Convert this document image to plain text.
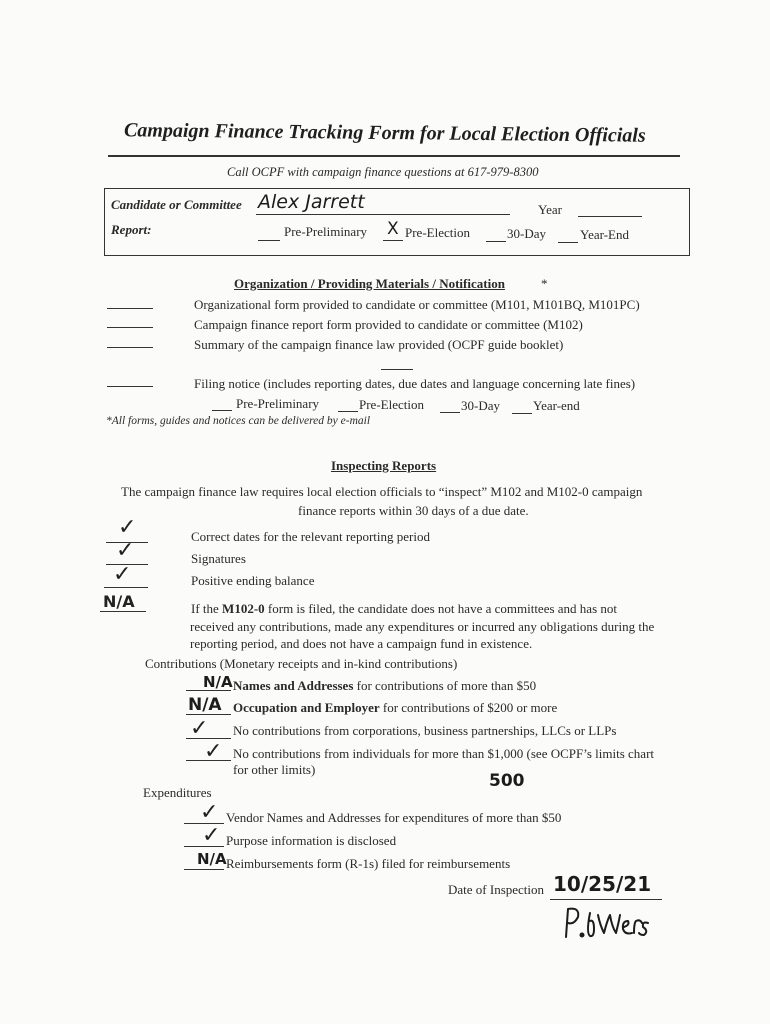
Campaign Finance Tracking Form for Local Election Officials
Call OCPF with campaign finance questions at 617-979-8300
Candidate or Committee Alex Jarrett	Year
Report:	Pre-Preliminary X Pre-Election	30-Day	Year-End
Organization / Providing Materials / Notification	*
Organizational form provided to candidate or committee (M101, M101BQ, M101PC)
Campaign finance report form provided to candidate or committee (M102)
Summary of the campaign finance law provided (OCPF guide booklet)
Filing notice (includes reporting dates, due dates and language concerning late fines)
Pre-Preliminary	Pre-Election	30-Day	Year-end
*All forms, guides and notices can be delivered by e-mail
Inspecting Reports
The campaign finance law requires local election officials to “inspect” M102 and M102-0 campaign
finance reports within 30 days of a due date.
✓	Correct dates for the relevant reporting period
✓	Signatures
✓	Positive ending balance
N/A	If the M102-0 form is filed, the candidate does not have a committees and has not
received any contributions, made any expenditures or incurred any obligations during the
reporting period, and does not have a campaign fund in existence.
Contributions (Monetary receipts and in-kind contributions)
N/A Names and Addresses for contributions of more than $50
N/A Occupation and Employer for contributions of $200 or more
✓ No contributions from corporations, business partnerships, LLCs or LLPs
✓ No contributions from individuals for more than $1,000 (see OCPF’s limits chart
for other limits)
500
Expenditures
✓ Vendor Names and Addresses for expenditures of more than $50
✓ Purpose information is disclosed
N/A Reimbursements form (R-1s) filed for reimbursements
Date of Inspection 10/25/21
